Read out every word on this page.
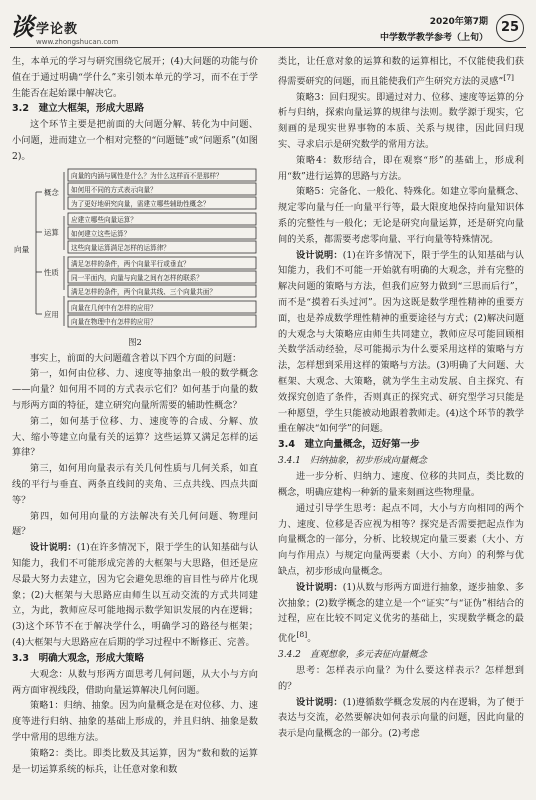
谈 学论教
www.zhongshucan.com
2020年第7期
中学数学教学参考（上旬）
25

生，本单元的学习与研究围绕它展开；(4)大问题的功能与价值在于通过明确“学什么”来引领本单元的学习，而不在于学生能否在起始课中解决它。

3.2　建立大框架，形成大思路

这个环节主要是把前面的大问题分解、转化为中问题、小问题，进而建立一个相对完整的“问题链”或“问题系”(如图2)。

向量
概念
运算
性质
应用
向量的内涵与属性是什么？为什么这样而不是那样？
如何用不同的方式表示向量？
为了更好地研究向量，需建立哪些辅助性概念？
应建立哪些向量运算？
如何建立这些运算？
这些向量运算满足怎样的运算律？
满足怎样的条件，两个向量平行或垂直？
同一平面内，向量与向量之间有怎样的联系？
满足怎样的条件，两个向量共线、三个向量共面？
向量在几何中有怎样的应用？
向量在物理中有怎样的应用？
图2

事实上，前面的大问题蕴含着以下四个方面的问题：

第一，如何由位移、力、速度等抽象出一般的数学概念——向量？如何用不同的方式表示它们？如何基于向量的数与形两方面的特征，建立研究向量所需要的辅助性概念？

第二，如何基于位移、力、速度等的合成、分解、放大、缩小等建立向量有关的运算？这些运算又满足怎样的运算律？

第三，如何用向量表示有关几何性质与几何关系，如直线的平行与垂直、两条直线间的夹角、三点共线、四点共面等？

第四，如何用向量的方法解决有关几何问题、物理问题？

设计说明：(1)在许多情况下，限于学生的认知基础与认知能力，我们不可能形成完善的大框架与大思路，但还是应尽最大努力去建立，因为它会避免思维的盲目性与碎片化现象；(2)大框架与大思路应由师生以互动交流的方式共同建立，为此，教师应尽可能地揭示数学知识发展的内在逻辑；(3)这个环节不在于解决学什么，明确学习的路径与框架；(4)大框架与大思路应在后期的学习过程中不断修正、完善。

3.3　明确大观念，形成大策略

大观念：从数与形两方面思考几何问题，从大小与方向两方面审视线段，借助向量运算解决几何问题。

策略1：归纳、抽象。因为向量概念是在对位移、力、速度等进行归纳、抽象的基础上形成的，并且归纳、抽象是数学中常用的思维方法。

策略2：类比。即类比数及其运算，因为“数和数的运算是一切运算系统的标兵，让任意对象和数

类比，让任意对象的运算和数的运算相比，不仅能使我们获得需要研究的问题，而且能使我们产生研究方法的灵感”[7]

策略3：回归现实。即通过对力、位移、速度等运算的分析与归纳，探索向量运算的规律与法则。数学源于现实，它刻画的是现实世界事物的本质、关系与规律，因此回归现实、寻求启示是研究数学的常用方法。

策略4：数形结合，即在观察“形”的基础上，形成利用“数”进行运算的思路与方法。

策略5：完备化、一般化、特殊化。如建立零向量概念、规定零向量与任一向量平行等，最大限度地保持向量知识体系的完整性与一般化；无论是研究向量运算，还是研究向量间的关系，都需要考虑零向量、平行向量等特殊情况。

设计说明：(1)在许多情况下，限于学生的认知基础与认知能力，我们不可能一开始就有明确的大观念，并有完整的解决问题的策略与方法，但我们应努力做到“三思而后行”，而不是“摸着石头过河”。因为这既是数学理性精神的重要方面，也是养成数学理性精神的重要途径与方式；(2)解决问题的大观念与大策略应由师生共同建立，教师应尽可能回顾相关数学活动经验，尽可能揭示为什么要采用这样的策略与方法，怎样想到采用这样的策略与方法。(3)明确了大问题、大框架、大观念、大策略，就为学生主动发展、自主探究、有效探究创造了条件，否则真正的探究式、研究型学习只能是一种愿望，学生只能被动地跟着教师走。(4)这个环节的教学重在解决“如何学”的问题。

3.4　建立向量概念，迈好第一步
3.4.1　归纳抽象，初步形成向量概念

进一步分析、归纳力、速度、位移的共同点，类比数的概念，明确应建构一种新的量来刻画这些物理量。

通过引导学生思考：起点不同，大小与方向相同的两个力、速度、位移是否应视为相等？探究是否需要把起点作为向量概念的一部分，分析、比较规定向量三要素（大小、方向与作用点）与规定向量两要素（大小、方向）的利弊与优缺点，初步形成向量概念。

设计说明：(1)从数与形两方面进行抽象，逐步抽象、多次抽象；(2)数学概念的建立是一个“证实”与“证伪”相结合的过程，应在比较不同定义优劣的基础上，实现数学概念的最优化[8]。

3.4.2　直观想象，多元表征向量概念

思考：怎样表示向量？为什么要这样表示？怎样想到的？

设计说明：(1)遵循数学概念发展的内在逻辑，为了便于表达与交流，必然要解决如何表示向量的问题，因此向量的表示是向量概念的一部分。(2)考虑
